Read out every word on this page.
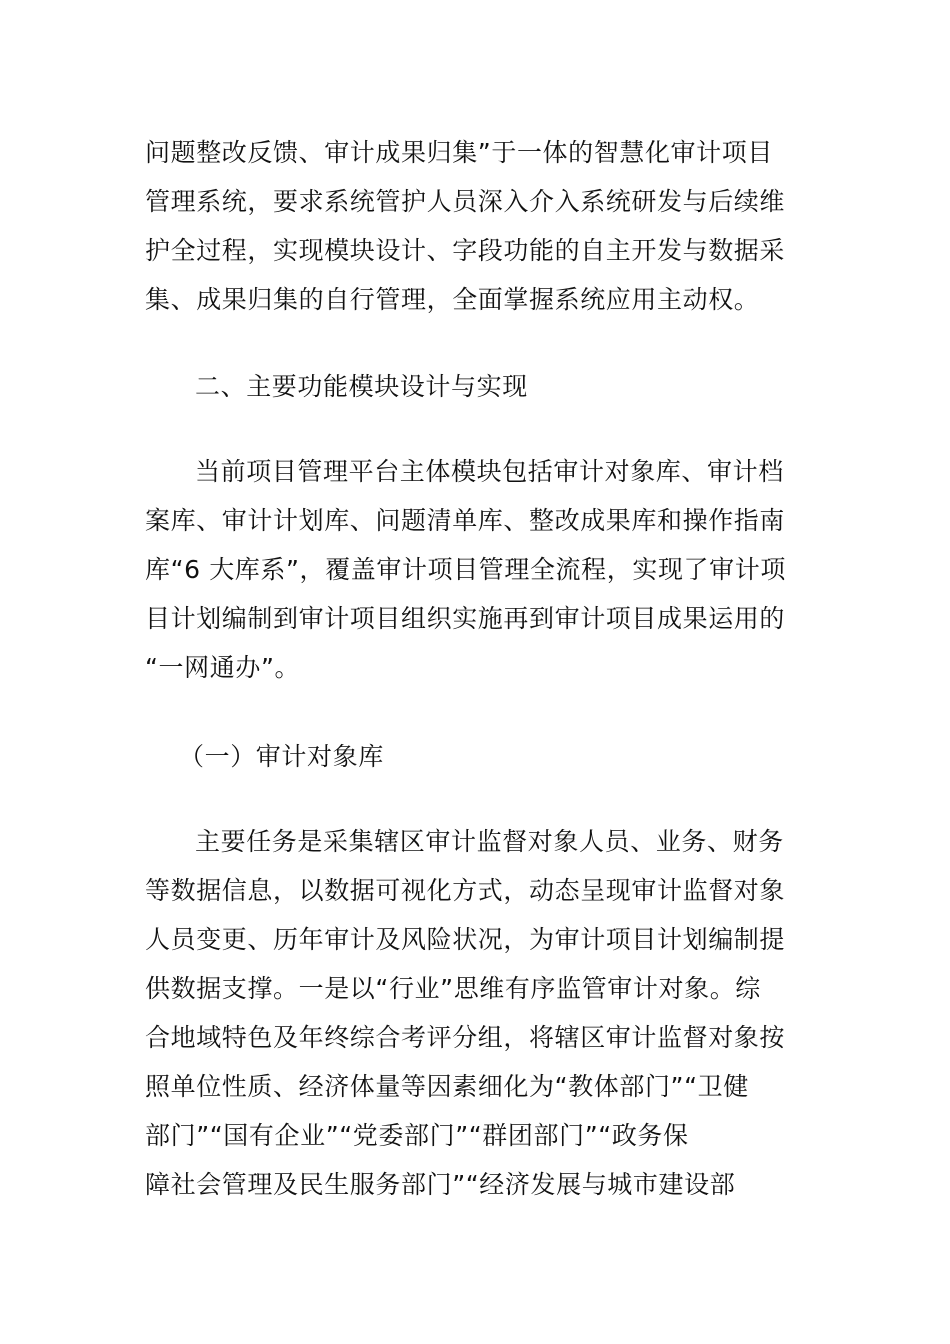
问题整改反馈、审计成果归集”于一体的智慧化审计项目
管理系统，要求系统管护人员深入介入系统研发与后续维
护全过程，实现模块设计、字段功能的自主开发与数据采
集、成果归集的自行管理，全面掌握系统应用主动权。
二、主要功能模块设计与实现
当前项目管理平台主体模块包括审计对象库、审计档
案库、审计计划库、问题清单库、整改成果库和操作指南
库“6 大库系”，覆盖审计项目管理全流程，实现了审计项
目计划编制到审计项目组织实施再到审计项目成果运用的
“一网通办”。
（一）审计对象库
主要任务是采集辖区审计监督对象人员、业务、财务
等数据信息，以数据可视化方式，动态呈现审计监督对象
人员变更、历年审计及风险状况，为审计项目计划编制提
供数据支撑。一是以“行业”思维有序监管审计对象。综
合地域特色及年终综合考评分组，将辖区审计监督对象按
照单位性质、经济体量等因素细化为“教体部门”“卫健
部门”“国有企业”“党委部门”“群团部门”“政务保
障社会管理及民生服务部门”“经济发展与城市建设部
